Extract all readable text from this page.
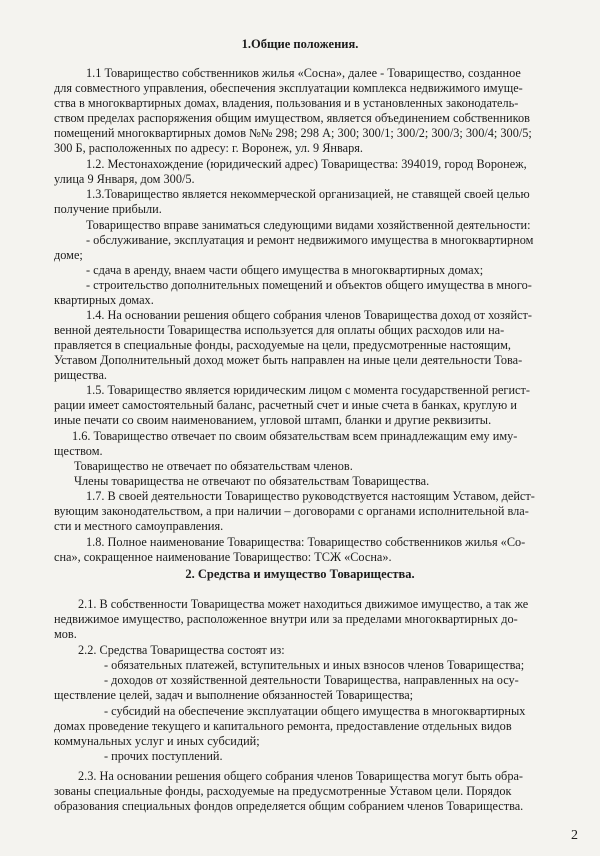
1.Общие положения.
1.1 Товарищество собственников жилья «Сосна», далее - Товарищество, созданное
для совместного управления, обеспечения эксплуатации комплекса недвижимого имуще-
ства в многоквартирных домах, владения, пользования и в установленных законодатель-
ством пределах распоряжения общим имуществом, является объединением собственников
помещений многоквартирных домов №№ 298; 298 А; 300; 300/1; 300/2; 300/3; 300/4; 300/5;
300 Б, расположенных по адресу: г. Воронеж, ул. 9 Января.
1.2. Местонахождение (юридический адрес) Товарищества: 394019, город Воронеж,
улица 9 Января, дом 300/5.
1.3.Товарищество является некоммерческой организацией, не ставящей своей целью
получение прибыли.
Товарищество вправе заниматься следующими видами хозяйственной деятельности:
- обслуживание, эксплуатация и ремонт недвижимого имущества в многоквартирном
доме;
- сдача в аренду, внаем части общего имущества в многоквартирных домах;
- строительство дополнительных помещений и объектов общего имущества в много-
квартирных домах.
1.4. На основании решения общего собрания членов Товарищества доход от хозяйст-
венной деятельности Товарищества используется для оплаты общих расходов или на-
правляется в специальные фонды, расходуемые на цели, предусмотренные настоящим,
Уставом Дополнительный доход может быть направлен на иные цели деятельности Това-
рищества.
1.5. Товарищество является юридическим лицом с момента государственной регист-
рации имеет самостоятельный баланс, расчетный счет и иные счета в банках, круглую и
иные печати со своим наименованием, угловой штамп, бланки и другие реквизиты.
1.6. Товарищество отвечает по своим обязательствам всем принадлежащим ему иму-
ществом.
Товарищество не отвечает по обязательствам членов.
Члены товарищества не отвечают по обязательствам Товарищества.
1.7. В своей деятельности Товарищество руководствуется настоящим Уставом, дейст-
вующим законодательством, а при наличии – договорами с органами исполнительной вла-
сти и местного самоуправления.
1.8. Полное наименование Товарищества: Товарищество собственников жилья «Со-
сна», сокращенное наименование Товарищество: ТСЖ «Сосна».
2. Средства и имущество Товарищества.
2.1. В собственности Товарищества может находиться движимое имущество, а так же
недвижимое имущество, расположенное внутри или за пределами многоквартирных до-
мов.
2.2. Средства Товарищества состоят из:
- обязательных платежей, вступительных и иных взносов членов Товарищества;
- доходов от хозяйственной деятельности Товарищества, направленных на осу-
ществление целей, задач и выполнение обязанностей Товарищества;
- субсидий на обеспечение эксплуатации общего имущества в многоквартирных
домах проведение текущего и капитального ремонта, предоставление отдельных видов
коммунальных услуг и иных субсидий;
- прочих поступлений.
2.3. На основании решения общего собрания членов Товарищества могут быть обра-
зованы специальные фонды, расходуемые на предусмотренные Уставом цели. Порядок
образования специальных фондов определяется общим собранием членов Товарищества.
2
